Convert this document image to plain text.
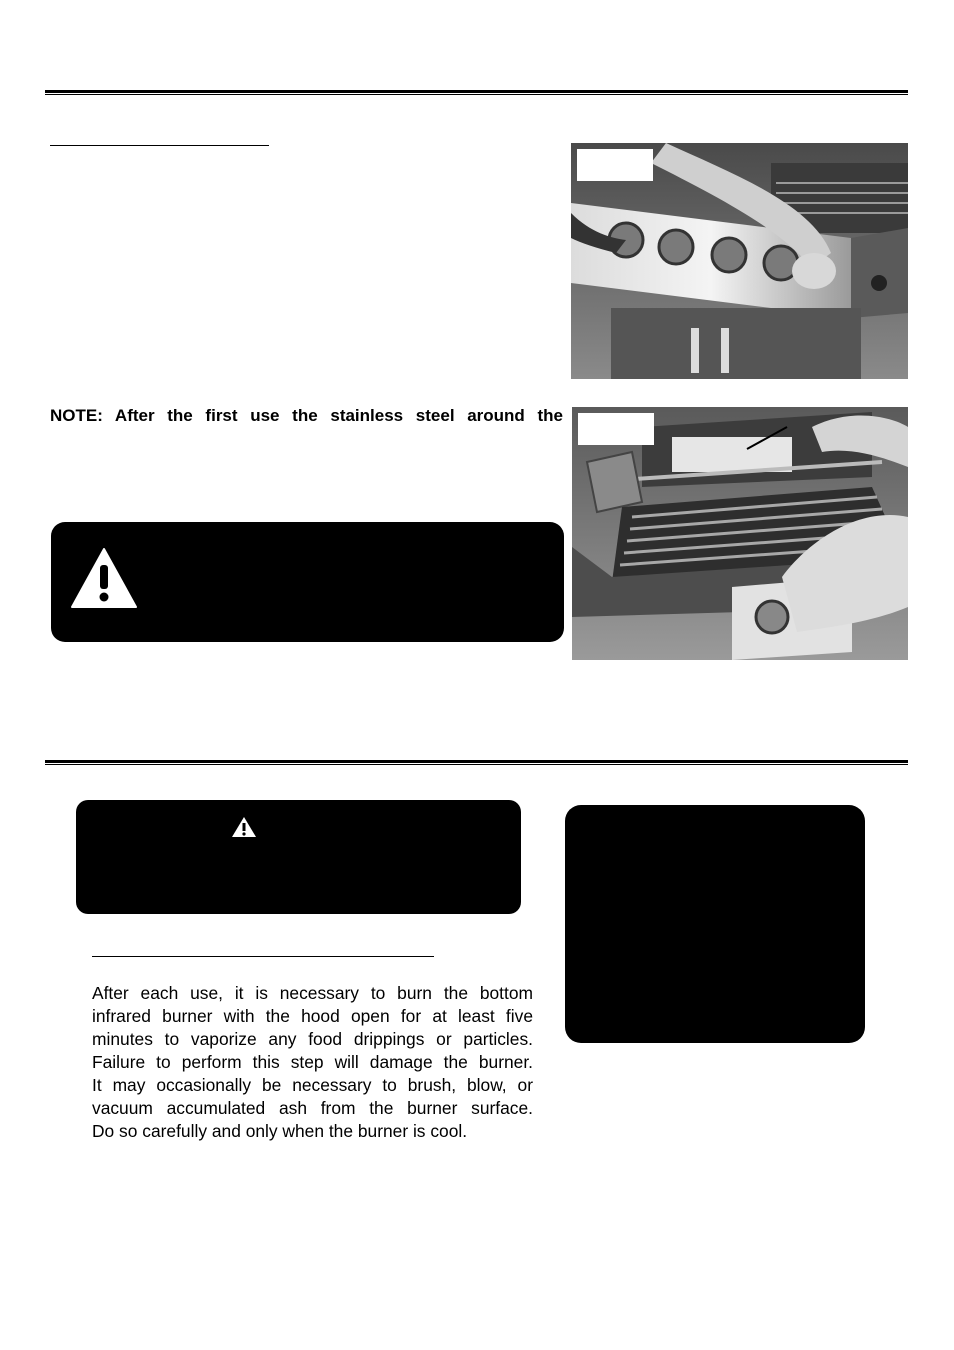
NOTE: After the first use the stainless steel around the
After each use, it is necessary to burn the bottom
infrared burner with the hood open for at least five
minutes to vaporize any food drippings or particles.
Failure to perform this step will damage the burner.
It may occasionally be necessary to brush, blow, or
vacuum accumulated ash from the burner surface.
Do so carefully and only when the burner is cool.
